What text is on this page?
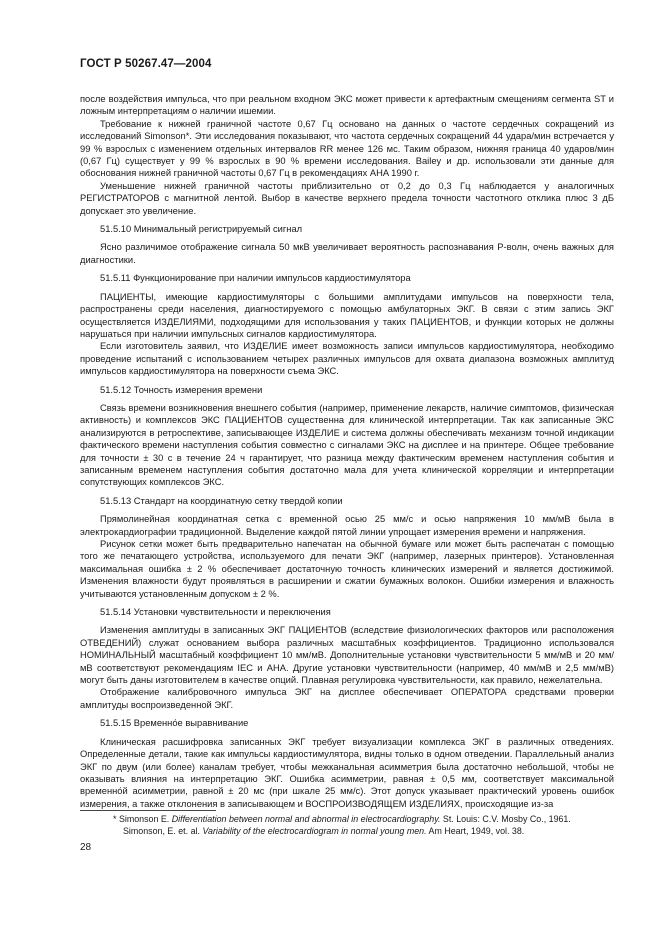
ГОСТ Р 50267.47—2004

после воздействия импульса, что при реальном входном ЭКС может привести к артефактным смещениям сегмента ST и ложным интерпретациям о наличии ишемии.

Требование к нижней граничной частоте 0,67 Гц основано на данных о частоте сердечных сокращений из исследований Simonson*. Эти исследования показывают, что частота сердечных сокращений 44 удара/мин встречается у 99 % взрослых с изменением отдельных интервалов RR менее 126 мс. Таким образом, нижняя граница 40 ударов/мин (0,67 Гц) существует у 99 % взрослых в 90 % времени исследования. Bailey и др. использовали эти данные для обоснования нижней граничной частоты 0,67 Гц в рекомендациях AHA 1990 г.

Уменьшение нижней граничной частоты приблизительно от 0,2 до 0,3 Гц наблюдается у аналогичных РЕГИСТРАТОРОВ с магнитной лентой. Выбор в качестве верхнего предела точности частотного отклика плюс 3 дБ допускает это увеличение.

51.5.10 Минимальный регистрируемый сигнал

Ясно различимое отображение сигнала 50 мкВ увеличивает вероятность распознавания Р-волн, очень важных для диагностики.

51.5.11 Функционирование при наличии импульсов кардиостимулятора

ПАЦИЕНТЫ, имеющие кардиостимуляторы с большими амплитудами импульсов на поверхности тела, распространены среди населения, диагностируемого с помощью амбулаторных ЭКГ. В связи с этим запись ЭКГ осуществляется ИЗДЕЛИЯМИ, подходящими для использования у таких ПАЦИЕНТОВ, и функции которых не должны нарушаться при наличии импульсных сигналов кардиостимулятора.

Если изготовитель заявил, что ИЗДЕЛИЕ имеет возможность записи импульсов кардиостимулятора, необходимо проведение испытаний с использованием четырех различных импульсов для охвата диапазона возможных амплитуд импульсов кардиостимулятора на поверхности съема ЭКС.

51.5.12 Точность измерения времени

Связь времени возникновения внешнего события (например, применение лекарств, наличие симптомов, физическая активность) и комплексов ЭКС ПАЦИЕНТОВ существенна для клинической интерпретации. Так как записанные ЭКС анализируются в ретроспективе, записывающее ИЗДЕЛИЕ и система должны обеспечивать механизм точной индикации фактического времени наступления события совместно с сигналами ЭКС на дисплее и на принтере. Общее требование для точности ± 30 с в течение 24 ч гарантирует, что разница между фактическим временем наступления события и записанным временем наступления события достаточно мала для учета клинической корреляции и интерпретации сопутствующих комплексов ЭКС.

51.5.13 Стандарт на координатную сетку твердой копии

Прямолинейная координатная сетка с временной осью 25 мм/с и осью напряжения 10 мм/мВ была в электрокардиографии традиционной. Выделение каждой пятой линии упрощает измерения времени и напряжения.

Рисунок сетки может быть предварительно напечатан на обычной бумаге или может быть распечатан с помощью того же печатающего устройства, используемого для печати ЭКГ (например, лазерных принтеров). Установленная максимальная ошибка ± 2 % обеспечивает достаточную точность клинических измерений и является достижимой. Изменения влажности будут проявляться в расширении и сжатии бумажных волокон. Ошибки измерения и влажность учитываются установленным допуском ± 2 %.

51.5.14 Установки чувствительности и переключения

Изменения амплитуды в записанных ЭКГ ПАЦИЕНТОВ (вследствие физиологических факторов или расположения ОТВЕДЕНИЙ) служат основанием выбора различных масштабных коэффициентов. Традиционно использовался НОМИНАЛЬНЫЙ масштабный коэффициент 10 мм/мВ. Дополнительные установки чувствительности 5 мм/мВ и 20 мм/мВ соответствуют рекомендациям IEC и AHA. Другие установки чувствительности (например, 40 мм/мВ и 2,5 мм/мВ) могут быть даны изготовителем в качестве опций. Плавная регулировка чувствительности, как правило, нежелательна.

Отображение калибровочного импульса ЭКГ на дисплее обеспечивает ОПЕРАТОРА средствами проверки амплитуды воспроизведенной ЭКГ.

51.5.15 Временно́е выравнивание

Клиническая расшифровка записанных ЭКГ требует визуализации комплекса ЭКГ в различных отведениях. Определенные детали, такие как импульсы кардиостимулятора, видны только в одном отведении. Параллельный анализ ЭКГ по двум (или более) каналам требует, чтобы межканальная асимметрия была достаточно небольшой, чтобы не оказывать влияния на интерпретацию ЭКГ. Ошибка асимметрии, равная ± 0,5 мм, соответствует максимальной временно́й асимметрии, равной ± 20 мс (при шкале 25 мм/с). Этот допуск указывает практический уровень ошибок измерения, а также отклонения в записывающем и ВОСПРОИЗВОДЯЩЕМ ИЗДЕЛИЯХ, происходящие из-за

* Simonson E. Differentiation between normal and abnormal in electrocardiography. St. Louis: C.V. Mosby Co., 1961.
Simonson, E. et. al. Variability of the electrocardiogram in normal young men. Am Heart, 1949, vol. 38.
28
